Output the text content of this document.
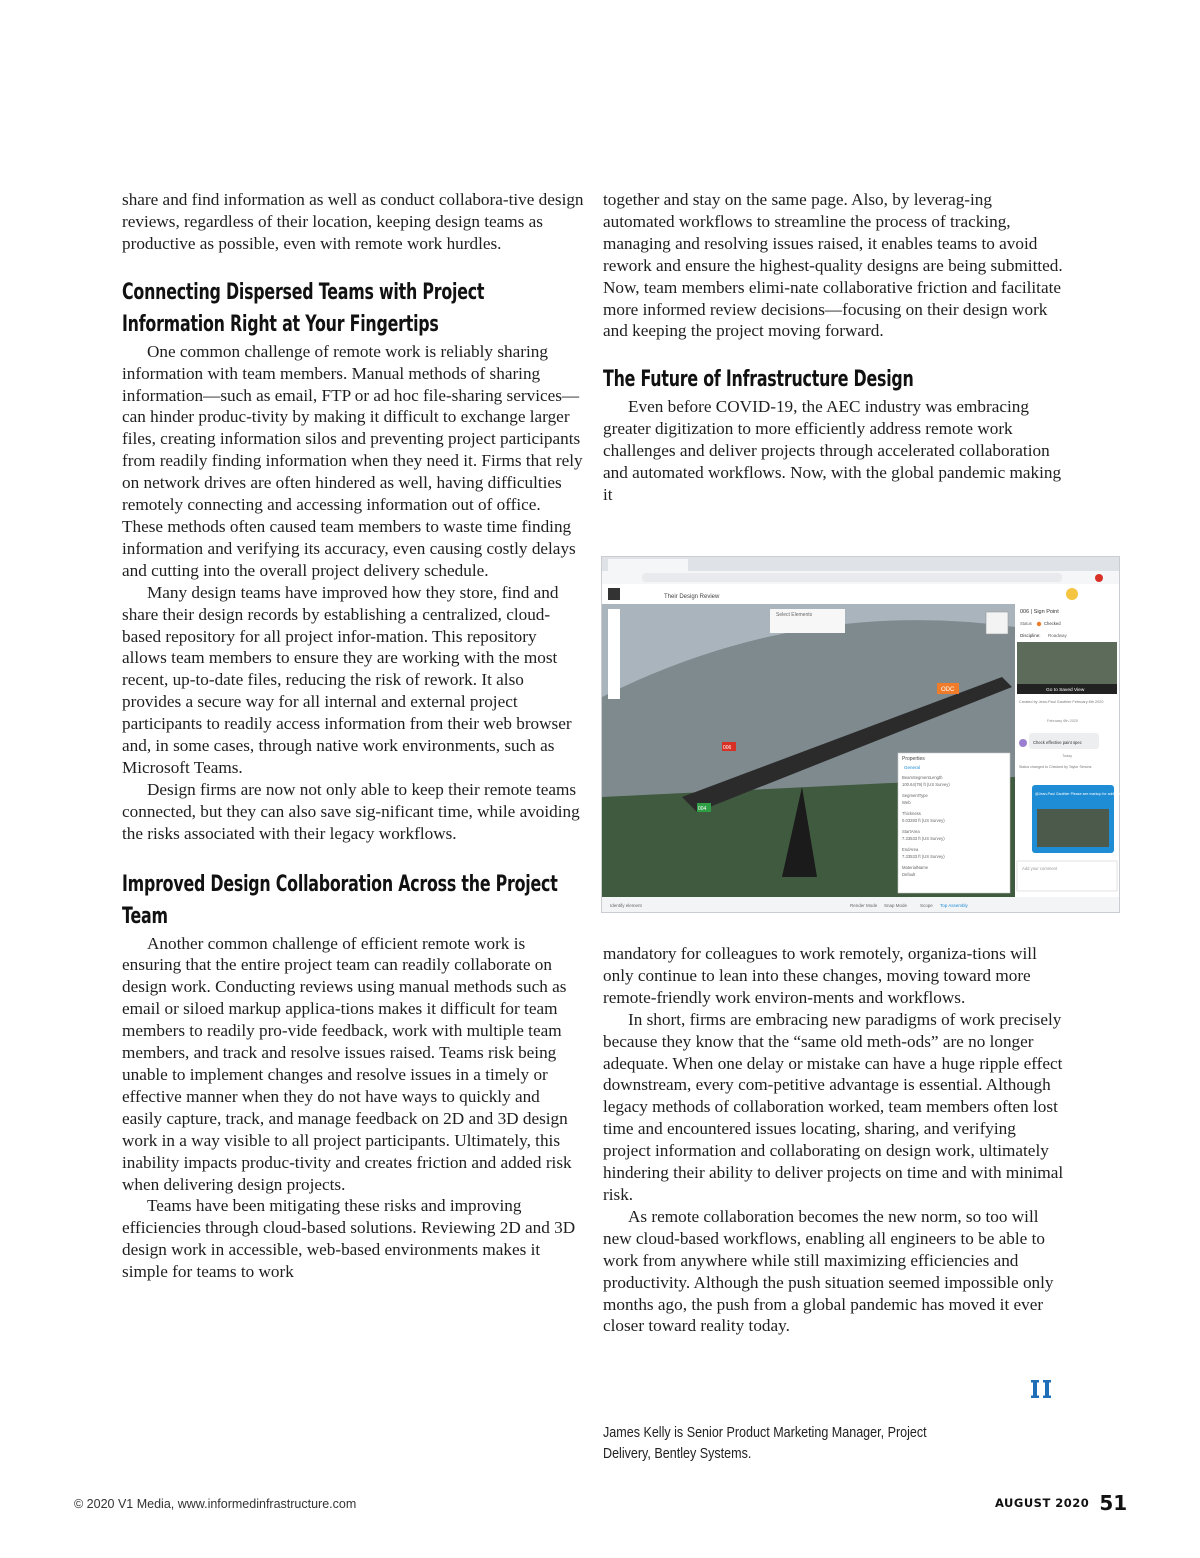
share and find information as well as conduct collabora-tive design reviews, regardless of their location, keeping design teams as productive as possible, even with remote work hurdles.

Connecting Dispersed Teams with Project Information Right at Your Fingertips

One common challenge of remote work is reliably sharing information with team members. Manual methods of sharing information—such as email, FTP or ad hoc file-sharing services—can hinder produc-tivity by making it difficult to exchange larger files, creating information silos and preventing project participants from readily finding information when they need it. Firms that rely on network drives are often hindered as well, having difficulties remotely connecting and accessing information out of office. These methods often caused team members to waste time finding information and verifying its accuracy, even causing costly delays and cutting into the overall project delivery schedule.

Many design teams have improved how they store, find and share their design records by establishing a centralized, cloud-based repository for all project infor-mation. This repository allows team members to ensure they are working with the most recent, up-to-date files, reducing the risk of rework. It also provides a secure way for all internal and external project participants to readily access information from their web browser and, in some cases, through native work environments, such as Microsoft Teams.

Design firms are now not only able to keep their remote teams connected, but they can also save sig-nificant time, while avoiding the risks associated with their legacy workflows.

Improved Design Collaboration Across the Project Team

Another common challenge of efficient remote work is ensuring that the entire project team can readily collaborate on design work. Conducting reviews using manual methods such as email or siloed markup applica-tions makes it difficult for team members to readily pro-vide feedback, work with multiple team members, and track and resolve issues raised. Teams risk being unable to implement changes and resolve issues in a timely or effective manner when they do not have ways to quickly and easily capture, track, and manage feedback on 2D and 3D design work in a way visible to all project participants. Ultimately, this inability impacts produc-tivity and creates friction and added risk when delivering design projects.

Teams have been mitigating these risks and improving efficiencies through cloud-based solutions. Reviewing 2D and 3D design work in accessible, web-based environments makes it simple for teams to work

together and stay on the same page. Also, by leverag-ing automated workflows to streamline the process of tracking, managing and resolving issues raised, it enables teams to avoid rework and ensure the highest-quality designs are being submitted. Now, team members elimi-nate collaborative friction and facilitate more informed review decisions—focusing on their design work and keeping the project moving forward.

The Future of Infrastructure Design

Even before COVID-19, the AEC industry was embracing greater digitization to more efficiently address remote work challenges and deliver projects through accelerated collaboration and automated workflows. Now, with the global pandemic making it

Their Design Review
ODC
006
004
Select Elements
Properties
General
BeamSegmentLength
100.64(79) ft (US Survey)
SegmentType
Web
Thickness
0.03283 ft (US Survey)
StartArea
7.33533 ft (US Survey)
EndArea
7.33533 ft (US Survey)
MaterialName
Default
006 | Sign Point
Status	Checked
Discipline: Roadway
Go to Saved View
Created by Jean-Paul Gauthier February 6th 2020
February 6th 2020
Check effective paint spec
Today
Status changed to Checked by Taylor Simons
@Jean-Paul Gauthier Please see markup for additional details.
Add your comment
Identify element	Render Mode Snap Mode	Scope Top Assembly

mandatory for colleagues to work remotely, organiza-tions will only continue to lean into these changes, moving toward more remote-friendly work environ-ments and workflows.

In short, firms are embracing new paradigms of work precisely because they know that the “same old meth-ods” are no longer adequate. When one delay or mistake can have a huge ripple effect downstream, every com-petitive advantage is essential. Although legacy methods of collaboration worked, team members often lost time and encountered issues locating, sharing, and verifying project information and collaborating on design work, ultimately hindering their ability to deliver projects on time and with minimal risk.

As remote collaboration becomes the new norm, so too will new cloud-based workflows, enabling all engineers to be able to work from anywhere while still maximizing efficiencies and productivity. Although the push situation seemed impossible only months ago, the push from a global pandemic has moved it ever closer toward reality today.

James Kelly is Senior Product Marketing Manager, Project Delivery, Bentley Systems.
© 2020 V1 Media, www.informedinfrastructure.com	AUGUST 2020 51
